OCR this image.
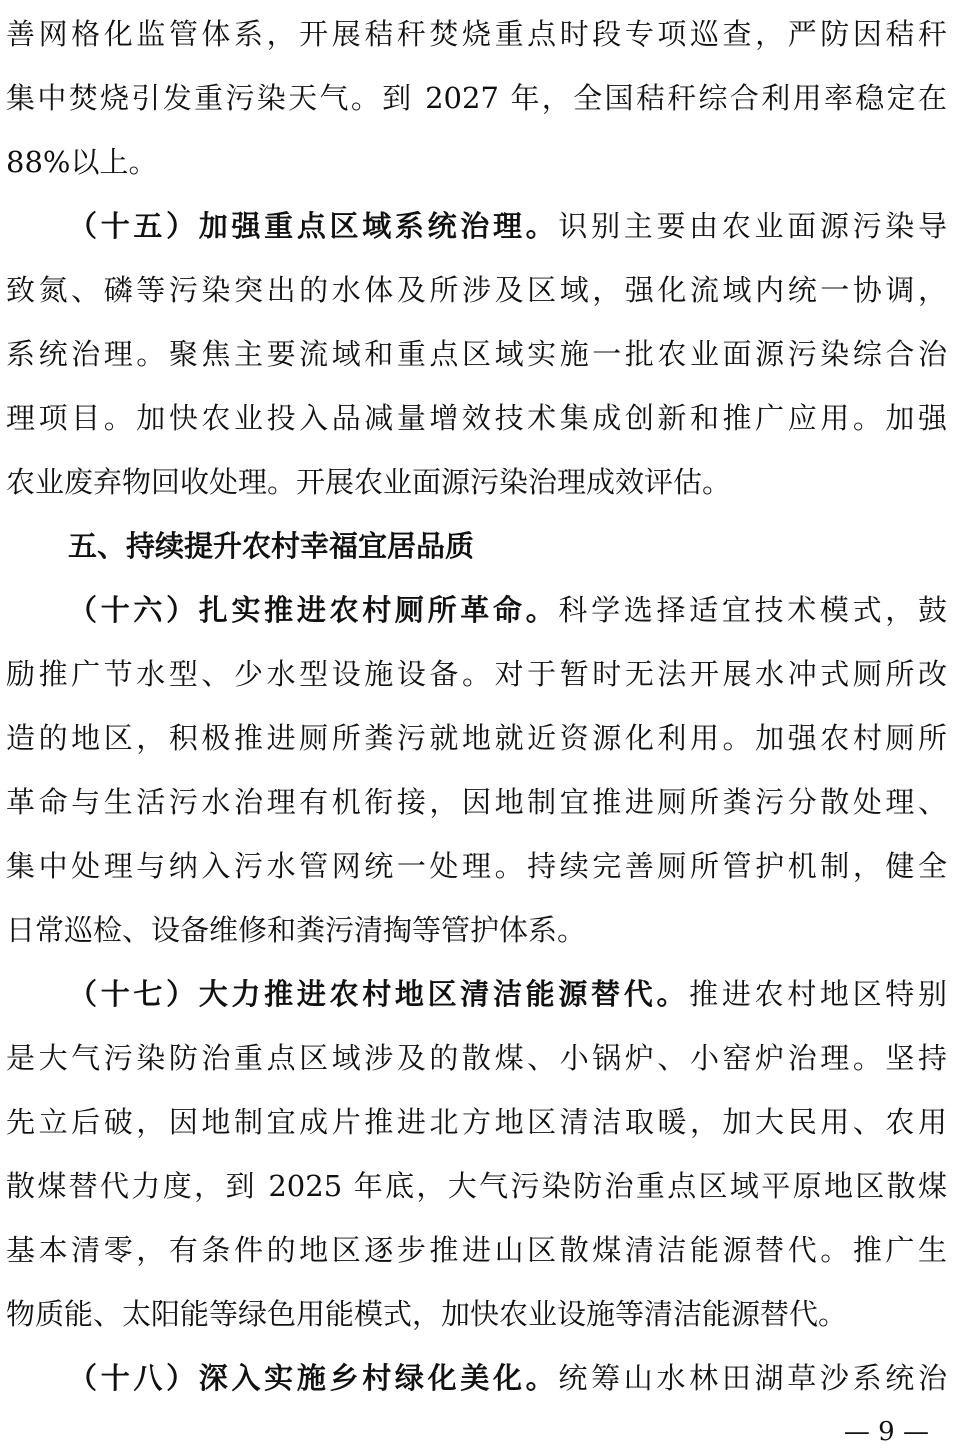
善网格化监管体系，开展秸秆焚烧重点时段专项巡查，严防因秸秆
集中焚烧引发重污染天气。到 2027 年，全国秸秆综合利用率稳定在
88%以上。
（十五）加强重点区域系统治理。识别主要由农业面源污染导
致氮、磷等污染突出的水体及所涉及区域，强化流域内统一协调，
系统治理。聚焦主要流域和重点区域实施一批农业面源污染综合治
理项目。加快农业投入品减量增效技术集成创新和推广应用。加强
农业废弃物回收处理。开展农业面源污染治理成效评估。
五、持续提升农村幸福宜居品质
（十六）扎实推进农村厕所革命。科学选择适宜技术模式，鼓
励推广节水型、少水型设施设备。对于暂时无法开展水冲式厕所改
造的地区，积极推进厕所粪污就地就近资源化利用。加强农村厕所
革命与生活污水治理有机衔接，因地制宜推进厕所粪污分散处理、
集中处理与纳入污水管网统一处理。持续完善厕所管护机制，健全
日常巡检、设备维修和粪污清掏等管护体系。
（十七）大力推进农村地区清洁能源替代。推进农村地区特别
是大气污染防治重点区域涉及的散煤、小锅炉、小窑炉治理。坚持
先立后破，因地制宜成片推进北方地区清洁取暖，加大民用、农用
散煤替代力度，到 2025 年底，大气污染防治重点区域平原地区散煤
基本清零，有条件的地区逐步推进山区散煤清洁能源替代。推广生
物质能、太阳能等绿色用能模式，加快农业设施等清洁能源替代。
（十八）深入实施乡村绿化美化。统筹山水林田湖草沙系统治
— 9 —
